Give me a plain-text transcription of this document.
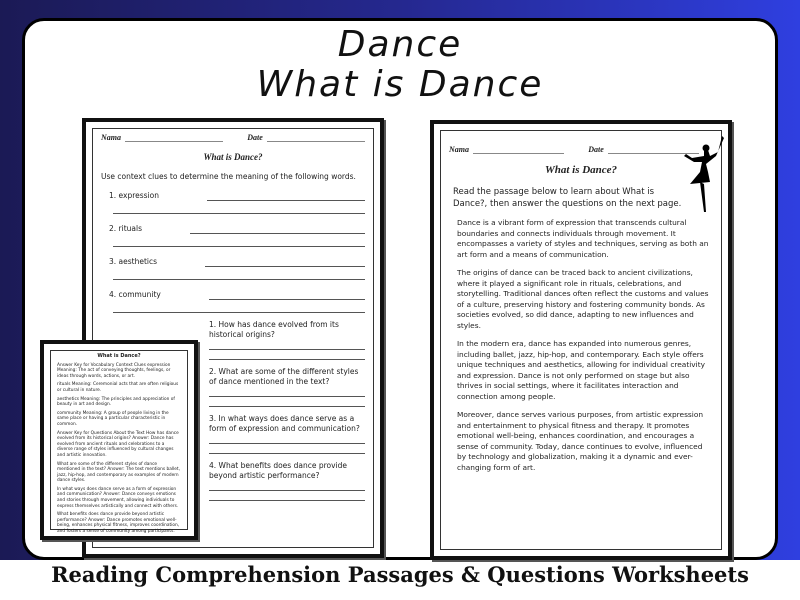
Dance
What is Dance
Nama	Date
What is Dance?
Use context clues to determine the meaning of the following words.
1. expression
2. rituals
3. aesthetics
4. community
1. How has dance evolved from its historical origins?
2. What are some of the different styles of dance mentioned in the text?
3. In what ways does dance serve as a form of expression and communication?
4. What benefits does dance provide beyond artistic performance?
Nama	Date
What is Dance?
Read the passage below to learn about What is Dance?, then answer the questions on the next page.

Dance is a vibrant form of expression that transcends cultural boundaries and connects individuals through movement. It encompasses a variety of styles and techniques, serving as both an art form and a means of communication.

The origins of dance can be traced back to ancient civilizations, where it played a significant role in rituals, celebrations, and storytelling. Traditional dances often reflect the customs and values of a culture, preserving history and fostering community bonds. As societies evolved, so did dance, adapting to new influences and styles.

In the modern era, dance has expanded into numerous genres, including ballet, jazz, hip-hop, and contemporary. Each style offers unique techniques and aesthetics, allowing for individual creativity and expression. Dance is not only performed on stage but also thrives in social settings, where it facilitates interaction and connection among people.

Moreover, dance serves various purposes, from artistic expression and entertainment to physical fitness and therapy. It promotes emotional well-being, enhances coordination, and encourages a sense of community. Today, dance continues to evolve, influenced by technology and globalization, making it a dynamic and ever-changing form of art.

What is Dance?
Answer Key for Vocabulary Context Clues expression Meaning: The act of conveying thoughts, feelings, or ideas through words, actions, or art.
rituals Meaning: Ceremonial acts that are often religious or cultural in nature.
aesthetics Meaning: The principles and appreciation of beauty in art and design.
community Meaning: A group of people living in the same place or having a particular characteristic in common.
Answer Key for Questions About the Text How has dance evolved from its historical origins? Answer: Dance has evolved from ancient rituals and celebrations to a diverse range of styles influenced by cultural changes and artistic innovation.
What are some of the different styles of dance mentioned in the text? Answer: The text mentions ballet, jazz, hip-hop, and contemporary as examples of modern dance styles.
In what ways does dance serve as a form of expression and communication? Answer: Dance conveys emotions and stories through movement, allowing individuals to express themselves artistically and connect with others.
What benefits does dance provide beyond artistic performance? Answer: Dance promotes emotional well-being, enhances physical fitness, improves coordination, and fosters a sense of community among participants.
Reading Comprehension Passages & Questions Worksheets
